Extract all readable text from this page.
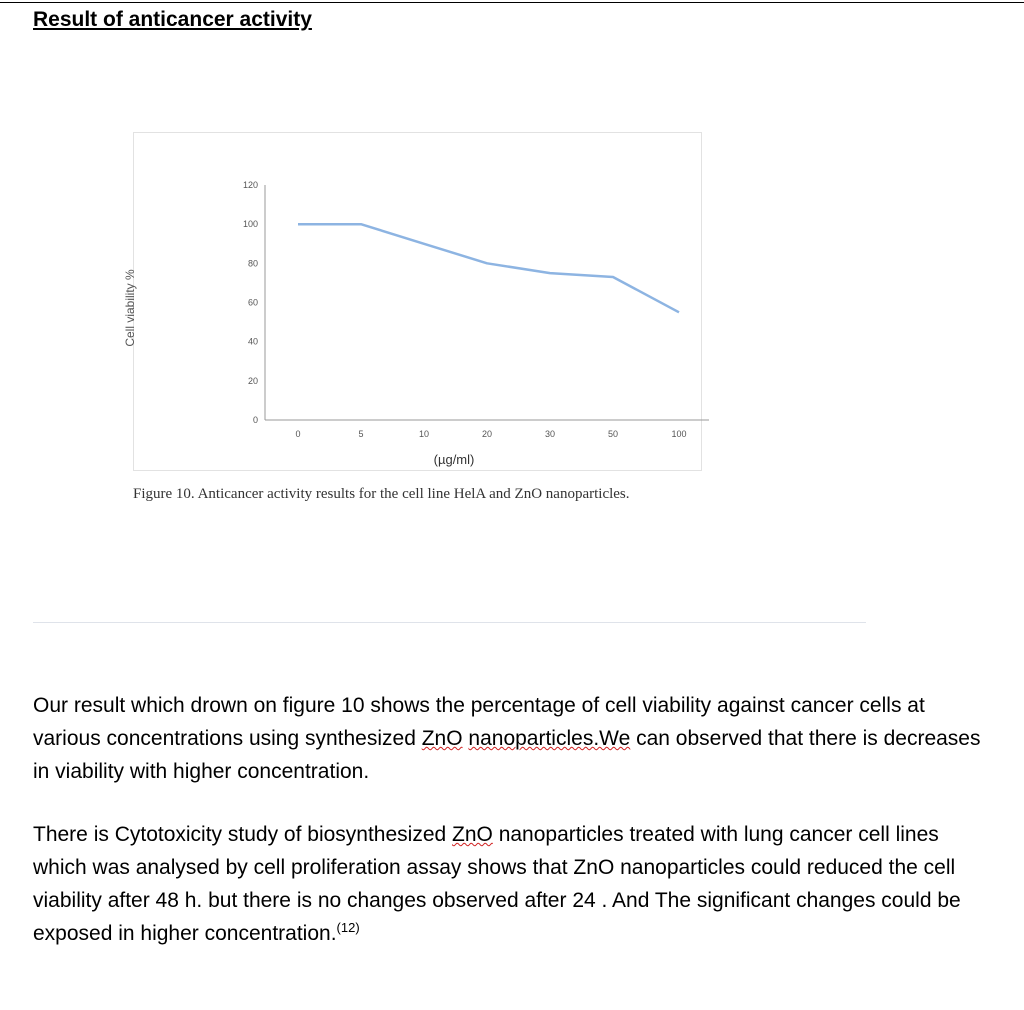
Result of anticancer activity
0
20
40
60
80
100
120
0	5	10	20	30	50	100
Cell viability %
(µg/ml)

Figure 10. Anticancer activity results for the cell line HelA and ZnO nanoparticles.

Our result which drown on figure 10 shows the percentage of cell viability against cancer cells at various concentrations using synthesized ZnO nanoparticles.We can observed that there is decreases in viability with higher concentration.

There is Cytotoxicity study of biosynthesized ZnO nanoparticles treated with lung cancer cell lines which was analysed by cell proliferation assay shows that ZnO nanoparticles could reduced the cell viability after 48 h. but there is no changes observed after 24 . And The significant changes could be exposed in higher concentration.$^{(12)}$
